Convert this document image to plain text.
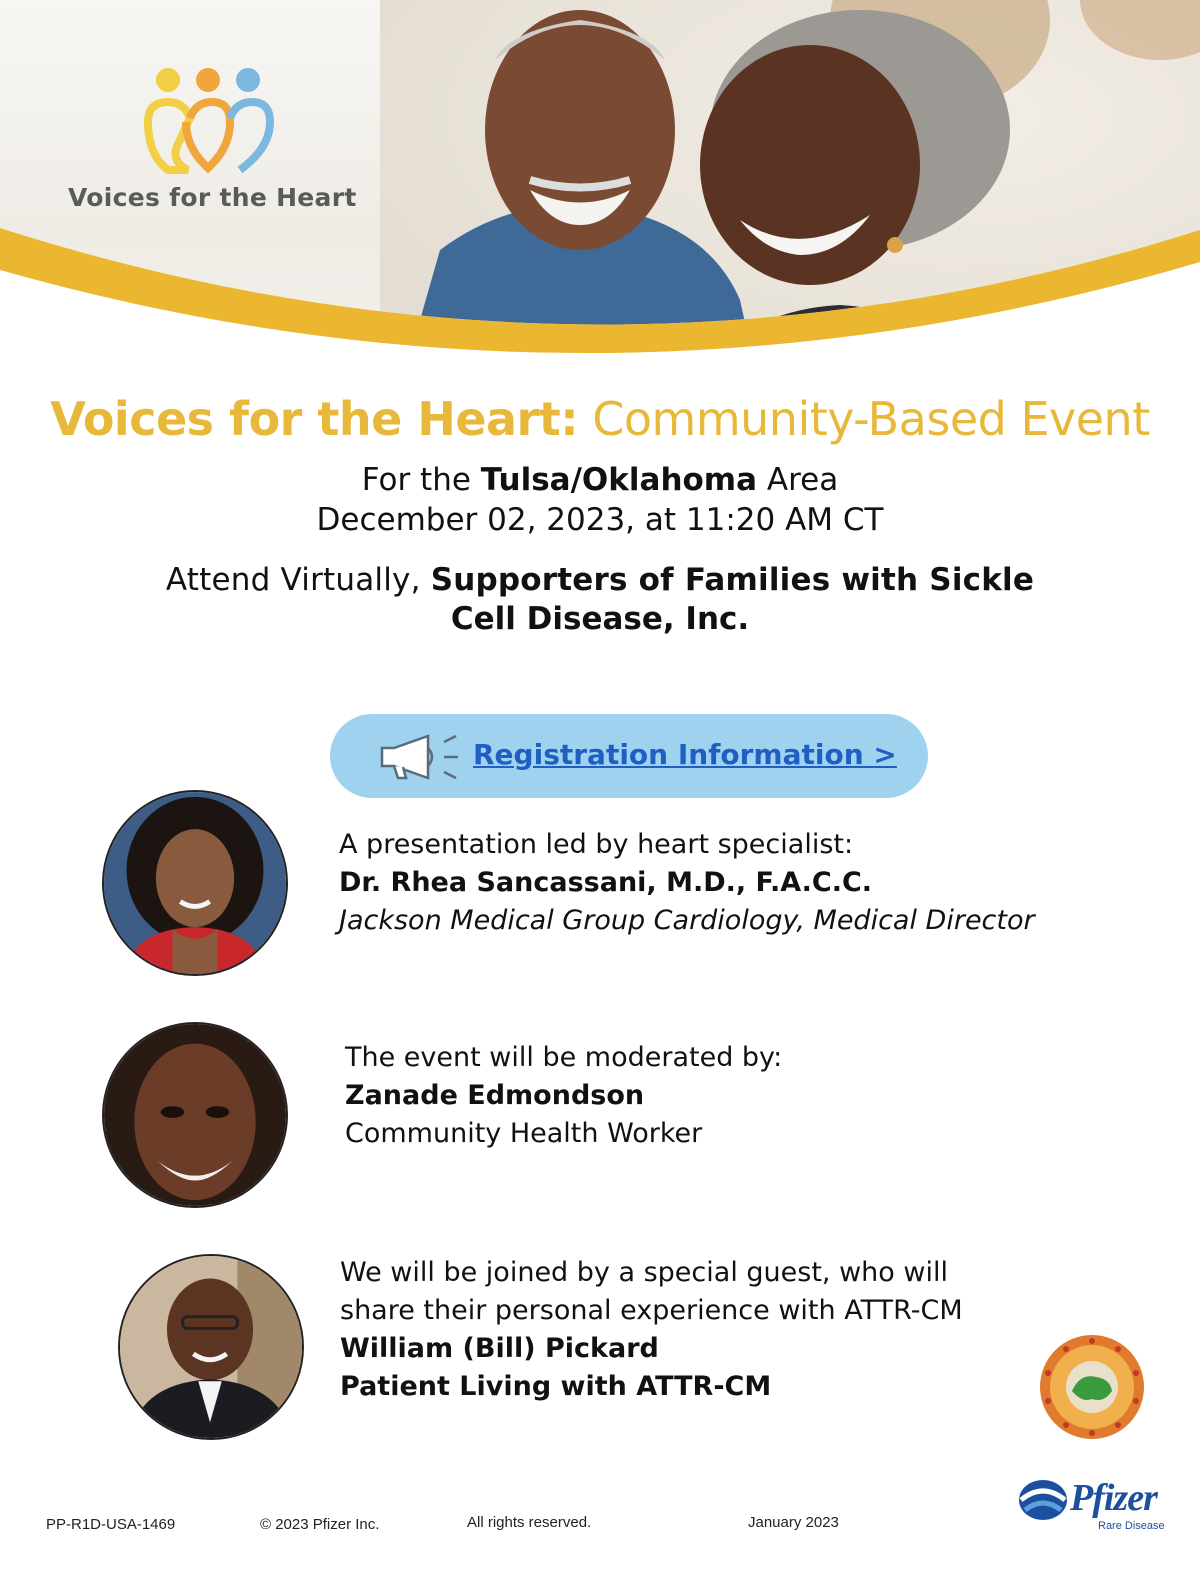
Voices for the Heart
Voices for the Heart: Community-Based Event
For the Tulsa/Oklahoma Area
December 02, 2023, at 11:20 AM CT
Attend Virtually, Supporters of Families with Sickle
Cell Disease, Inc.
Registration Information >
A presentation led by heart specialist:
Dr. Rhea Sancassani, M.D., F.A.C.C.
Jackson Medical Group Cardiology, Medical Director
The event will be moderated by:
Zanade Edmondson
Community Health Worker
We will be joined by a special guest, who will
share their personal experience with ATTR-CM
William (Bill) Pickard
Patient Living with ATTR-CM
PP-R1D-USA-1469	© 2023 Pfizer Inc.	All rights reserved.	January 2023
Pfizer
Rare Disease
